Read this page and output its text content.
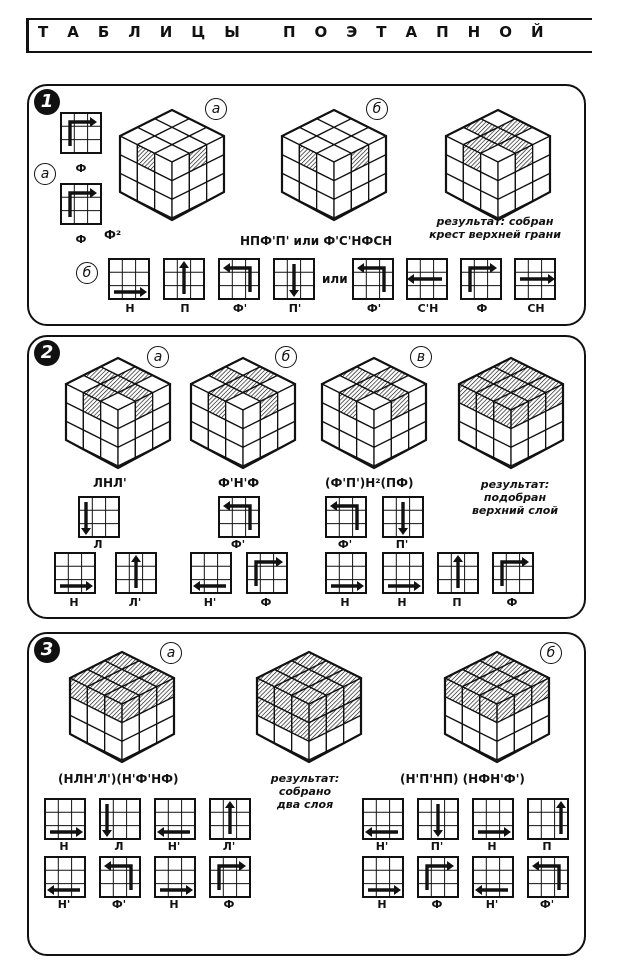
ТАБЛИЦЫ ПОЭТАПНОЙ
1	а	б
а	Ф
Ф	Ф²	НПФ'П' или Ф'С'НФСН
результат: собран
крест верхней грани
б
Н	П	Ф'	П'
или
Ф'	С'Н	Ф	СН
2	а	б	в
ЛНЛ'	Ф'Н'Ф	(Ф'П')Н²(ПФ)	результат:
подобран
верхний слой
Л	Ф'	Ф'	П'
Н	Л'	Н'	Ф	Н	Н	П	Ф
3	а	б
(НЛН'Л')(Н'Ф'НФ)	результат:
собрано
два слоя
(Н'П'НП) (НФН'Ф')
Н	Л	Н'	Л'
Н'	Ф'	Н	Ф
Н'	П'	Н	П
Н	Ф	Н'	Ф'
